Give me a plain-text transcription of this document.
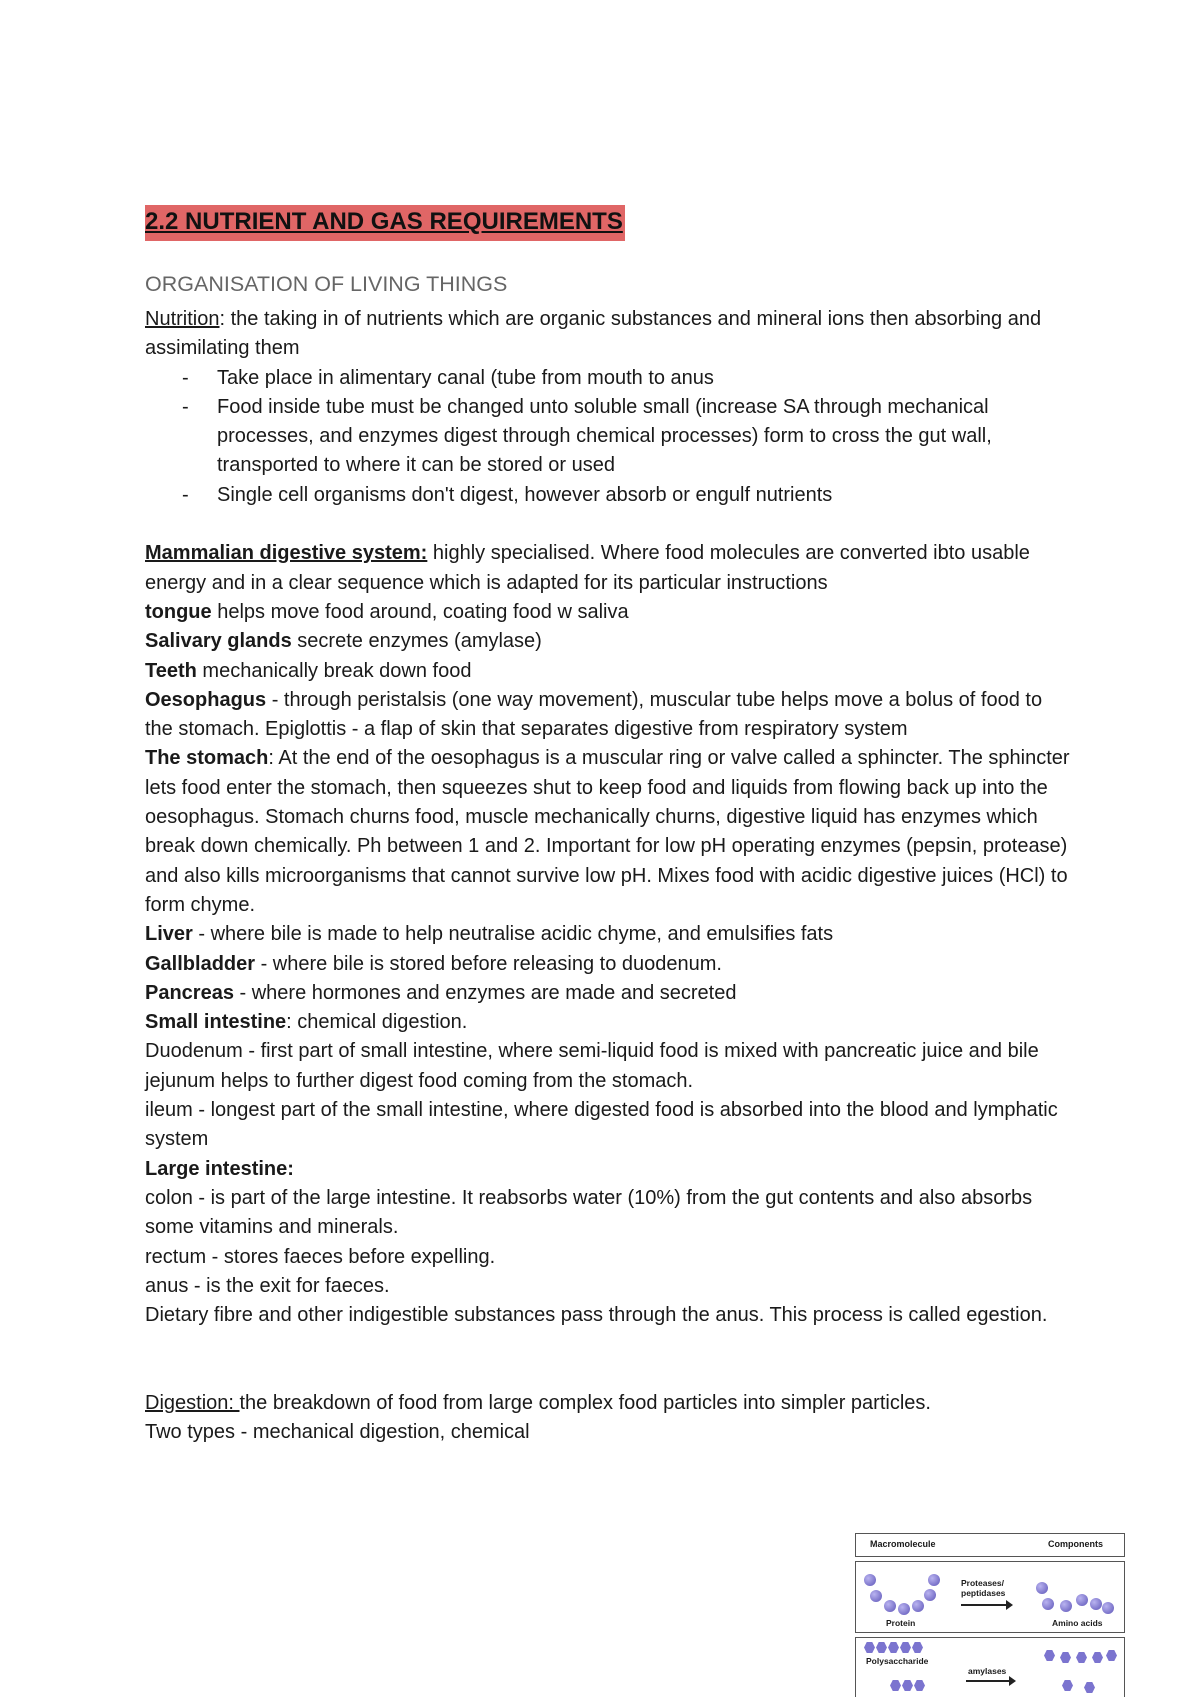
2.2 NUTRIENT AND GAS REQUIREMENTS
ORGANISATION OF LIVING THINGS

Nutrition: the taking in of nutrients which are organic substances and mineral ions then absorbing and assimilating them

- Take place in alimentary canal (tube from mouth to anus
- Food inside tube must be changed unto soluble small (increase SA through mechanical processes, and enzymes digest through chemical processes) form to cross the gut wall, transported to where it can be stored or used
- Single cell organisms don't digest, however absorb or engulf nutrients

Mammalian digestive system: highly specialised. Where food molecules are converted ibto usable energy and in a clear sequence which is adapted for its particular instructions

tongue helps move food around, coating food w saliva

Salivary glands secrete enzymes (amylase)

Teeth mechanically break down food

Oesophagus - through peristalsis (one way movement), muscular tube helps move a bolus of food to the stomach. Epiglottis - a flap of skin that separates digestive from respiratory system

The stomach: At the end of the oesophagus is a muscular ring or valve called a sphincter. The sphincter lets food enter the stomach, then squeezes shut to keep food and liquids from flowing back up into the oesophagus. Stomach churns food, muscle mechanically churns, digestive liquid has enzymes which break down chemically. Ph between 1 and 2. Important for low pH operating enzymes (pepsin, protease) and also kills microorganisms that cannot survive low pH. Mixes food with acidic digestive juices (HCl) to form chyme.

Liver - where bile is made to help neutralise acidic chyme, and emulsifies fats

Gallbladder - where bile is stored before releasing to duodenum.

Pancreas - where hormones and enzymes are made and secreted

Small intestine: chemical digestion.

Duodenum - first part of small intestine, where semi-liquid food is mixed with pancreatic juice and bile

jejunum helps to further digest food coming from the stomach.

ileum - longest part of the small intestine, where digested food is absorbed into the blood and lymphatic system

Large intestine:

colon - is part of the large intestine. It reabsorbs water (10%) from the gut contents and also absorbs some vitamins and minerals.

rectum - stores faeces before expelling.

anus - is the exit for faeces.

Dietary fibre and other indigestible substances pass through the anus. This process is called egestion.

Digestion: the breakdown of food from large complex food particles into simpler particles.

Two types - mechanical digestion, chemical

Macromolecule	Components
Protein
Proteases/
peptidases
Amino acids
Polysaccharide
amylases
